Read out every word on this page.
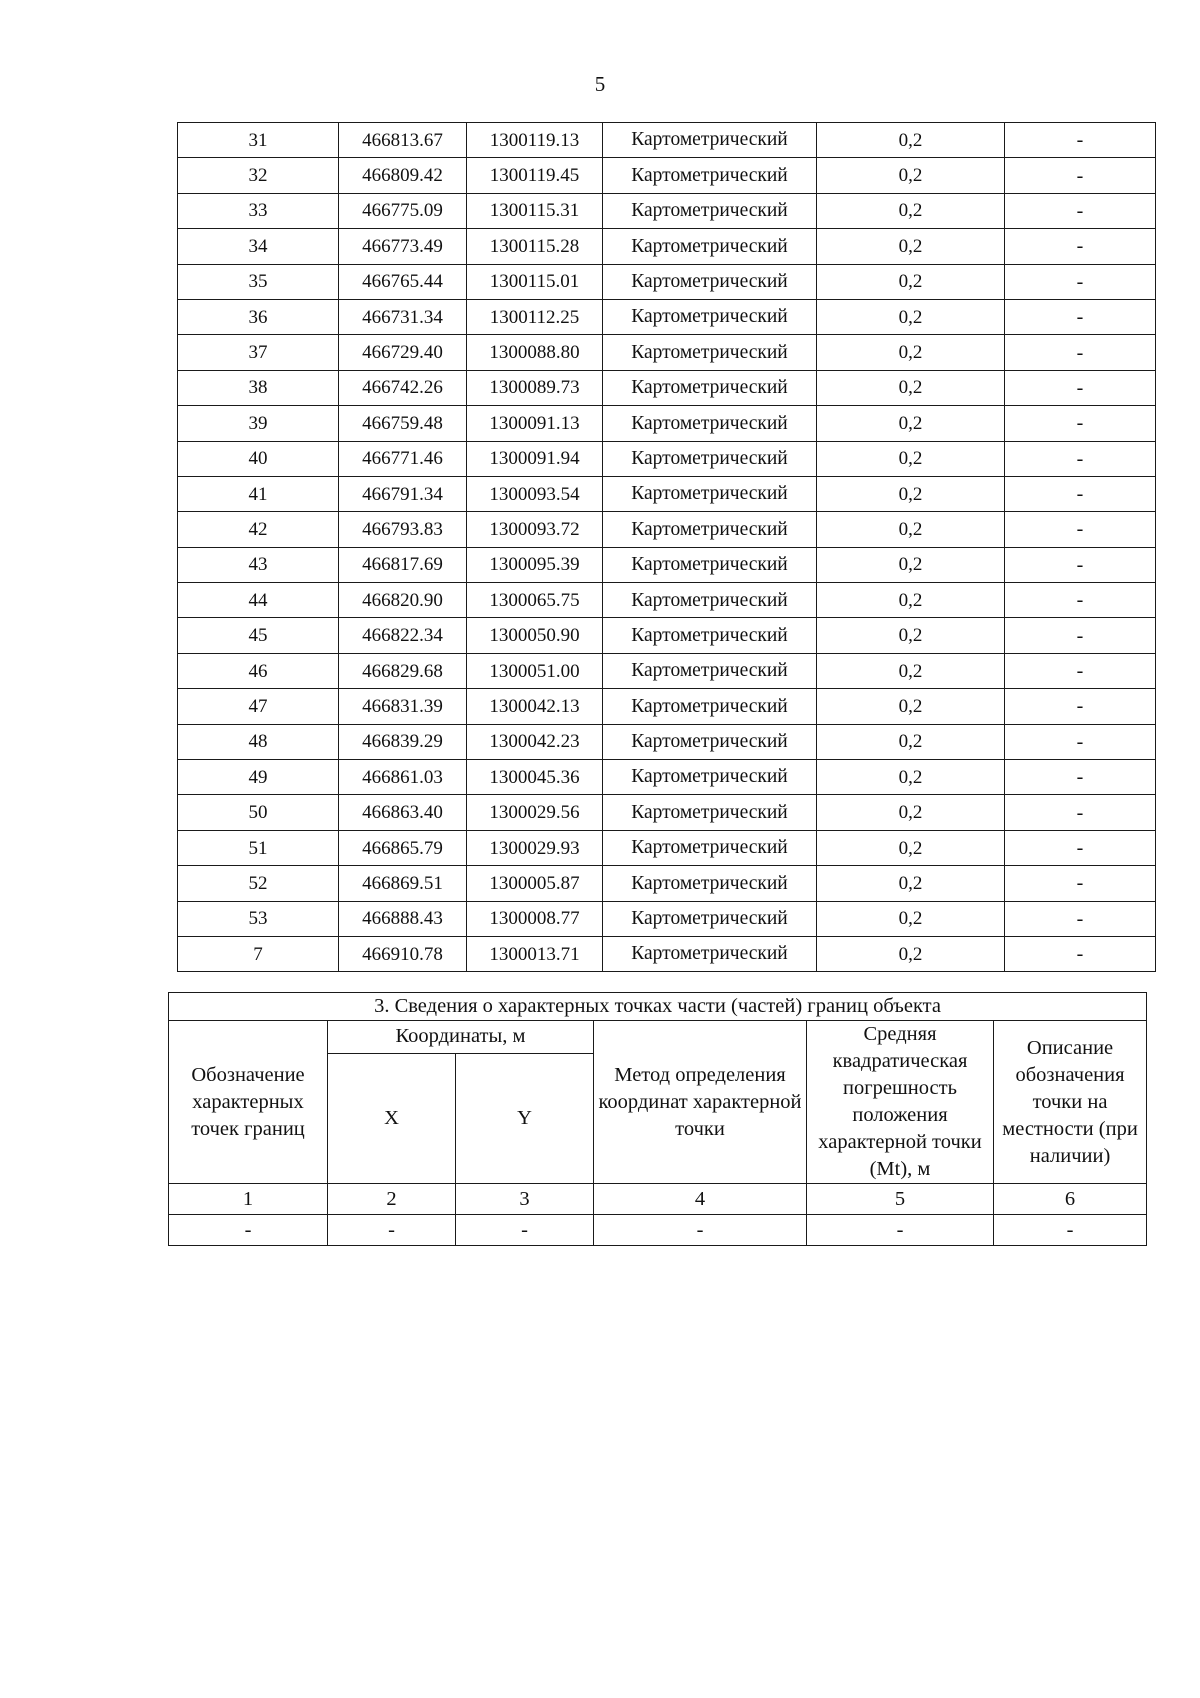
5
31	466813.67	1300119.13	Картометрический	0,2	-
32	466809.42	1300119.45	Картометрический	0,2	-
33	466775.09	1300115.31	Картометрический	0,2	-
34	466773.49	1300115.28	Картометрический	0,2	-
35	466765.44	1300115.01	Картометрический	0,2	-
36	466731.34	1300112.25	Картометрический	0,2	-
37	466729.40	1300088.80	Картометрический	0,2	-
38	466742.26	1300089.73	Картометрический	0,2	-
39	466759.48	1300091.13	Картометрический	0,2	-
40	466771.46	1300091.94	Картометрический	0,2	-
41	466791.34	1300093.54	Картометрический	0,2	-
42	466793.83	1300093.72	Картометрический	0,2	-
43	466817.69	1300095.39	Картометрический	0,2	-
44	466820.90	1300065.75	Картометрический	0,2	-
45	466822.34	1300050.90	Картометрический	0,2	-
46	466829.68	1300051.00	Картометрический	0,2	-
47	466831.39	1300042.13	Картометрический	0,2	-
48	466839.29	1300042.23	Картометрический	0,2	-
49	466861.03	1300045.36	Картометрический	0,2	-
50	466863.40	1300029.56	Картометрический	0,2	-
51	466865.79	1300029.93	Картометрический	0,2	-
52	466869.51	1300005.87	Картометрический	0,2	-
53	466888.43	1300008.77	Картометрический	0,2	-
7	466910.78	1300013.71	Картометрический	0,2	-
3. Сведения о характерных точках части (частей) границ объекта					
Обозначение характерных точек границ	Координаты, м		Метод определения координат характерной точки	Средняя квадратическая погрешность положения характерной точки (Mt), м	Описание обозначения точки на местности (при наличии)
	X	Y			
1	2	3	4	5	6
-	-	-	-	-	-
